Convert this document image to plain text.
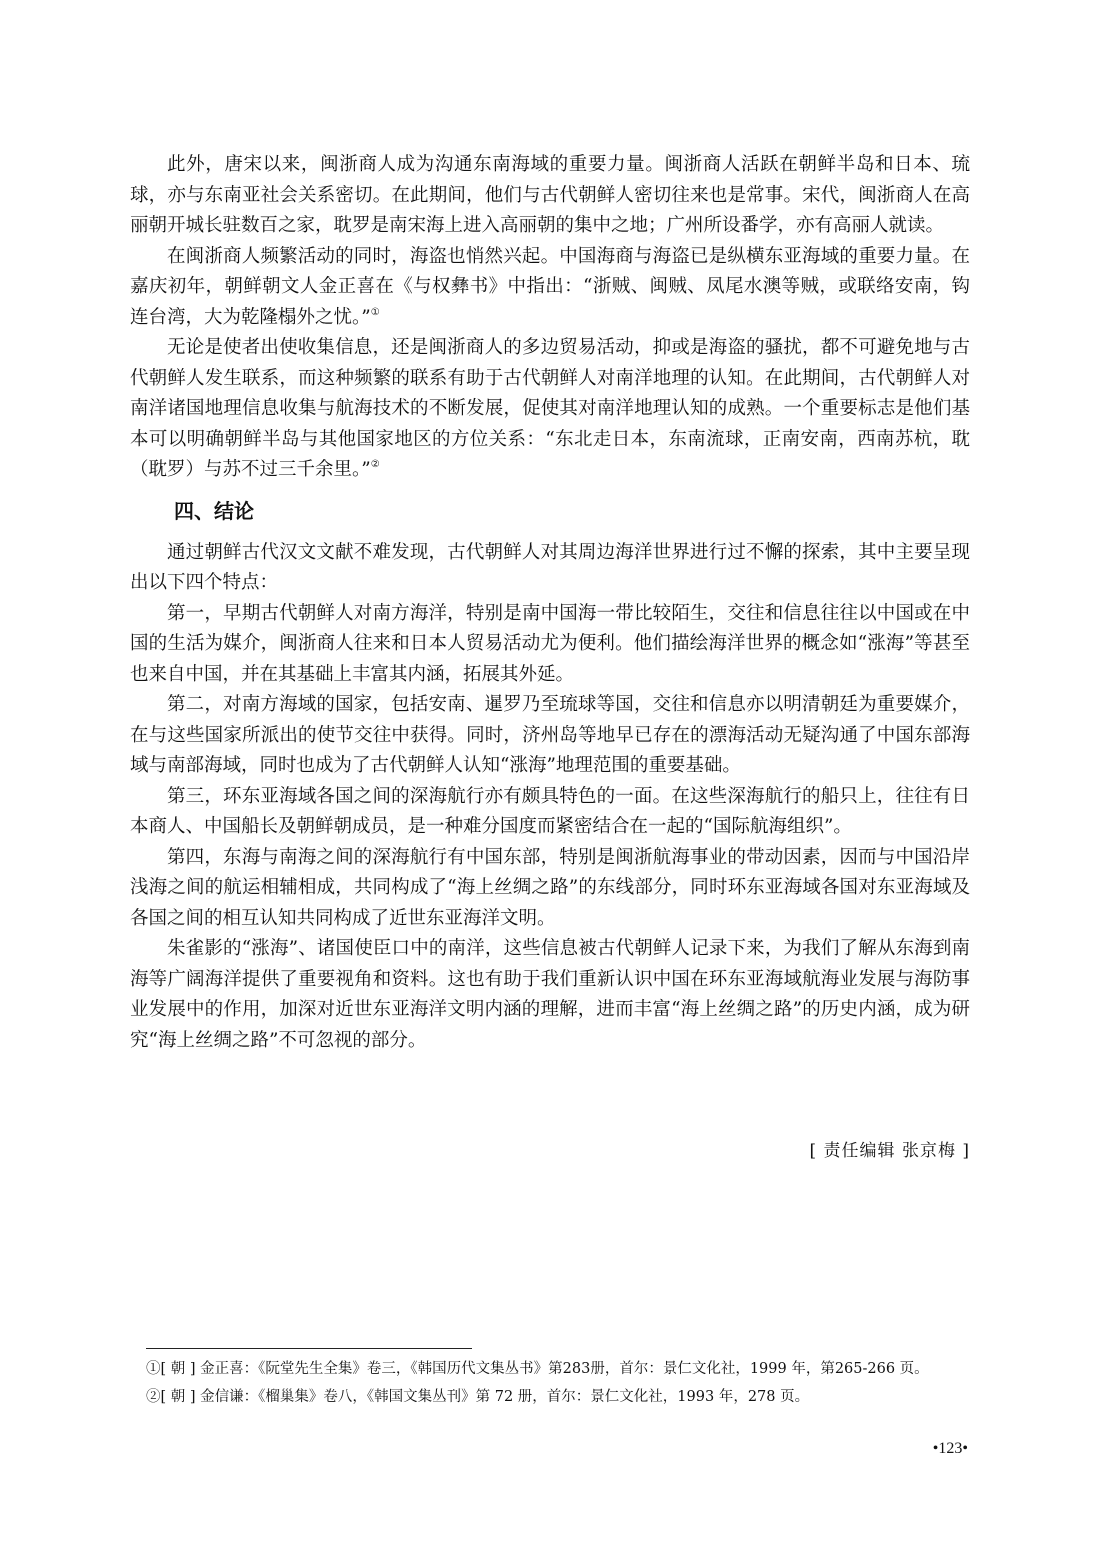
此外，唐宋以来，闽浙商人成为沟通东南海域的重要力量。闽浙商人活跃在朝鲜半岛和日本、琉球，亦与东南亚社会关系密切。在此期间，他们与古代朝鲜人密切往来也是常事。宋代，闽浙商人在高丽朝开城长驻数百之家，耽罗是南宋海上进入高丽朝的集中之地；广州所设番学，亦有高丽人就读。

在闽浙商人频繁活动的同时，海盗也悄然兴起。中国海商与海盗已是纵横东亚海域的重要力量。在嘉庆初年，朝鲜朝文人金正喜在《与权彝书》中指出：“浙贼、闽贼、凤尾水澳等贼，或联络安南，钩连台湾，大为乾隆榻外之忧。”①

无论是使者出使收集信息，还是闽浙商人的多边贸易活动，抑或是海盗的骚扰，都不可避免地与古代朝鲜人发生联系，而这种频繁的联系有助于古代朝鲜人对南洋地理的认知。在此期间，古代朝鲜人对南洋诸国地理信息收集与航海技术的不断发展，促使其对南洋地理认知的成熟。一个重要标志是他们基本可以明确朝鲜半岛与其他国家地区的方位关系：“东北走日本，东南流球，正南安南，西南苏杭，耽（耽罗）与苏不过三千余里。”②

四、结论

通过朝鲜古代汉文文献不难发现，古代朝鲜人对其周边海洋世界进行过不懈的探索，其中主要呈现出以下四个特点：

第一，早期古代朝鲜人对南方海洋，特别是南中国海一带比较陌生，交往和信息往往以中国或在中国的生活为媒介，闽浙商人往来和日本人贸易活动尤为便利。他们描绘海洋世界的概念如“涨海”等甚至也来自中国，并在其基础上丰富其内涵，拓展其外延。

第二，对南方海域的国家，包括安南、暹罗乃至琉球等国，交往和信息亦以明清朝廷为重要媒介，在与这些国家所派出的使节交往中获得。同时，济州岛等地早已存在的漂海活动无疑沟通了中国东部海域与南部海域，同时也成为了古代朝鲜人认知“涨海”地理范围的重要基础。

第三，环东亚海域各国之间的深海航行亦有颇具特色的一面。在这些深海航行的船只上，往往有日本商人、中国船长及朝鲜朝成员，是一种难分国度而紧密结合在一起的“国际航海组织”。

第四，东海与南海之间的深海航行有中国东部，特别是闽浙航海事业的带动因素，因而与中国沿岸浅海之间的航运相辅相成，共同构成了“海上丝绸之路”的东线部分，同时环东亚海域各国对东亚海域及各国之间的相互认知共同构成了近世东亚海洋文明。

朱雀影的“涨海”、诸国使臣口中的南洋，这些信息被古代朝鲜人记录下来，为我们了解从东海到南海等广阔海洋提供了重要视角和资料。这也有助于我们重新认识中国在环东亚海域航海业发展与海防事业发展中的作用，加深对近世东亚海洋文明内涵的理解，进而丰富“海上丝绸之路”的历史内涵，成为研究“海上丝绸之路”不可忽视的部分。

[ 责任编辑 张京梅 ]
①[ 朝 ] 金正喜：《阮堂先生全集》卷三，《韩国历代文集丛书》第283册，首尔：景仁文化社，1999 年，第265-266 页。
②[ 朝 ] 金信谦：《榴巢集》卷八，《韩国文集丛刊》第 72 册，首尔：景仁文化社，1993 年，278 页。
•123•
